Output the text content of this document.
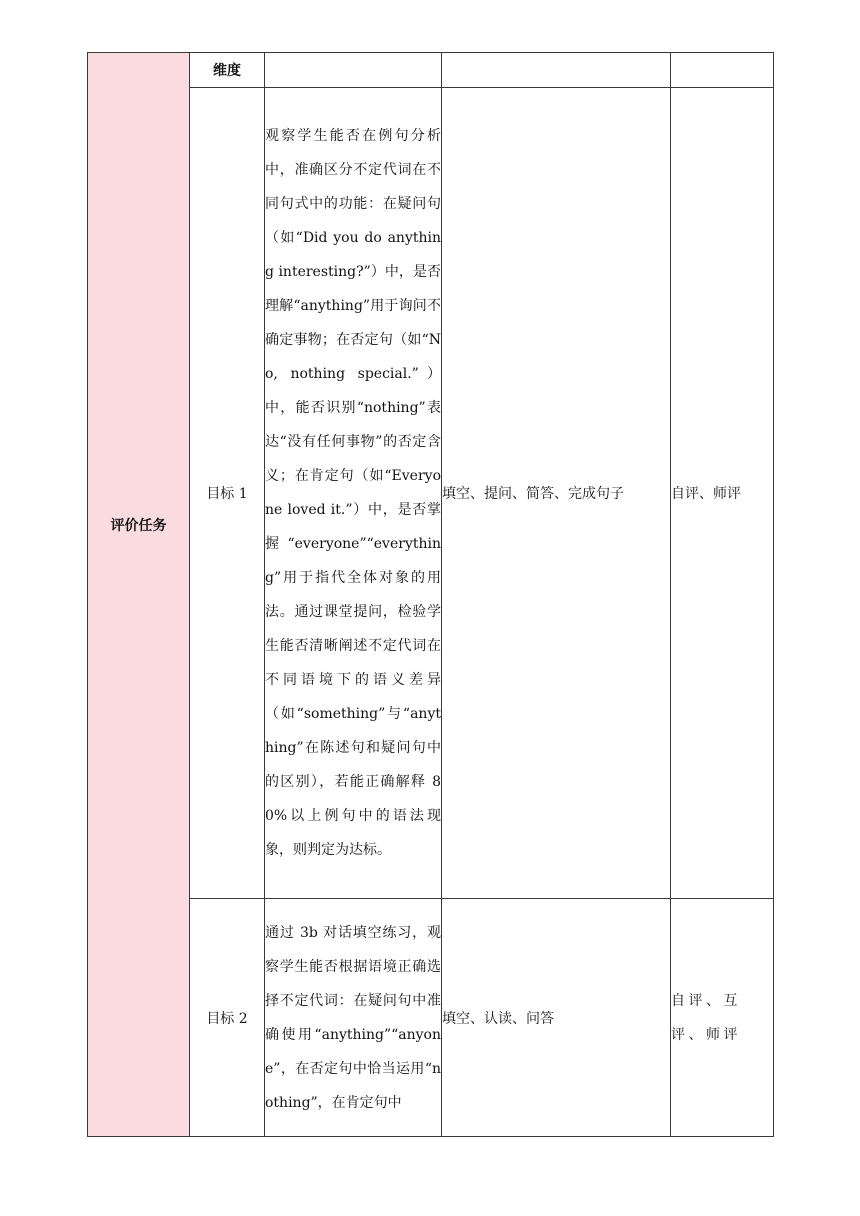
评价任务	维度			
	目标 1	观察学生能否在例句分析中，准确区分不定代词在不同句式中的功能：在疑问句（如“Did you do anything interesting?”）中，是否理解“anything”用于询问不确定事物；在否定句（如“No, nothing special.”）中，能否识别“nothing”表达“没有任何事物”的否定含义；在肯定句（如“Everyone loved it.”）中，是否掌握“everyone”“everything”用于指代全体对象的用法。通过课堂提问，检验学生能否清晰阐述不定代词在不同语境下的语义差异（如“something”与“anything”在陈述句和疑问句中的区别），若能正确解释 80%以上例句中的语法现象，则判定为达标。	填空、提问、简答、完成句子	自评、师评
	目标 2	通过 3b 对话填空练习，观察学生能否根据语境正确选择不定代词：在疑问句中准确使用“anything”“anyone”，在否定句中恰当运用“nothing”，在肯定句中	填空、认读、问答	自评、互评、师评
